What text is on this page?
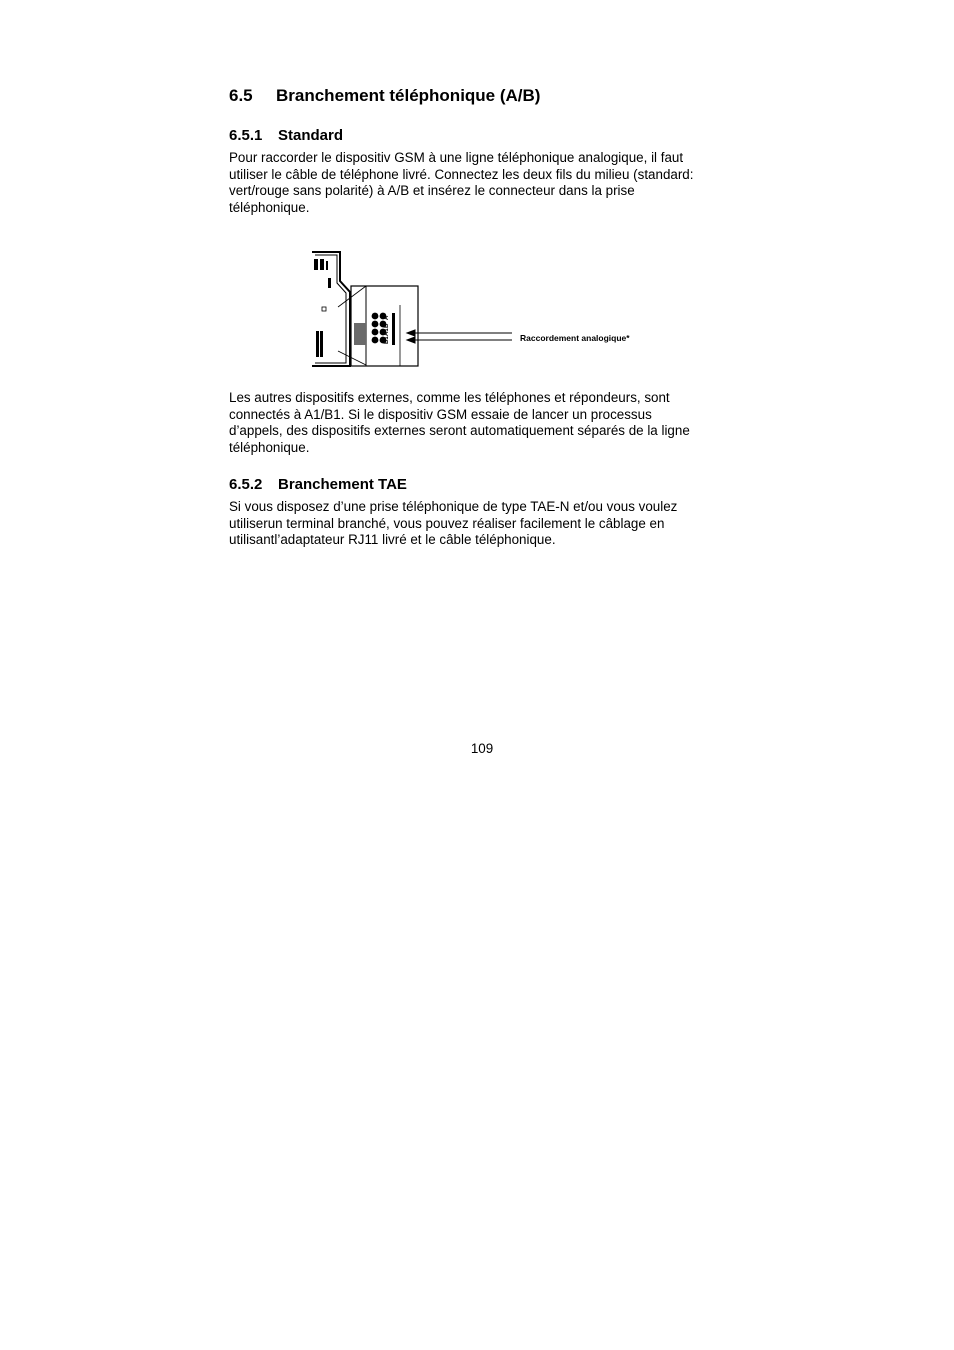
6.5 Branchement téléphonique (A/B)
6.5.1 Standard

Pour raccorder le dispositiv GSM à une ligne téléphonique analogique, il faut
utiliser le câble de téléphone livré. Connectez les deux fils du milieu (standard:
vert/rouge sans polarité) à A/B et insérez le connecteur dans la prise
téléphonique.

A
B
A1
B1	Raccordement analogique*

Les autres dispositifs externes, comme les téléphones et répondeurs, sont
connectés à A1/B1. Si le dispositiv GSM essaie de lancer un processus
d’appels, des dispositifs externes seront automatiquement séparés de la ligne
téléphonique.

6.5.2 Branchement TAE

Si vous disposez d’une prise téléphonique de type TAE-N et/ou vous voulez
utiliserun terminal branché, vous pouvez réaliser facilement le câblage en
utilisantl’adaptateur RJ11 livré et le câble téléphonique.

109
